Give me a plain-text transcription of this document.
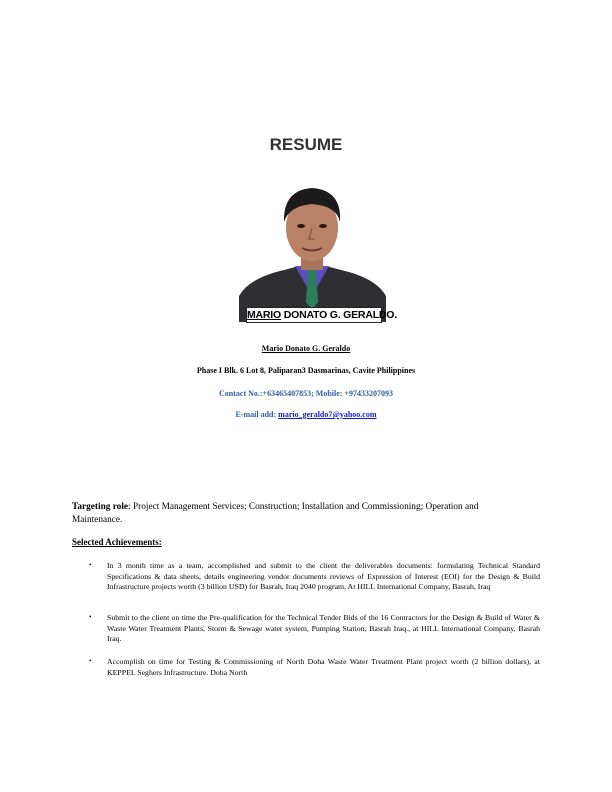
RESUME
MARIO DONATO G. GERALDO.
Mario Donato G. Geraldo
Phase I Blk. 6 Lot 8, Paliparan3 Dasmarinas, Cavite Philippines
Contact No.:+63465407853; Mobile: +97433207093
E-mail add: mario_geraldo7@yahoo.com
Targeting role: Project Management Services; Construction; Installation and Commissioning; Operation and Maintenance.
Selected Achievements:
• In 3 month time as a team, accomplished and submit to the client the deliverables documents: formulating Technical Standard Specifications & data sheets, details engineering vendor documents reviews of Expression of Interest (EOI) for the Design & Build Infrastructure projects worth (3 billion USD) for Basrah, Iraq 2040 program, At HILL International Company, Basrah, Iraq
• Submit to the client on time the Pre-qualification for the Technical Tender Bids of the 16 Contractors for the Design & Build of Water & Waste Water Treatment Plants, Storm & Sewage water system, Pumping Station, Basrah Iraq., at HILL International Company, Basrah Iraq.
• Accomplish on time for Testing & Commissioning of North Doha Waste Water Treatment Plant project worth (2 billion dollars), at KEPPEL Seghers Infrastructure. Doha North
